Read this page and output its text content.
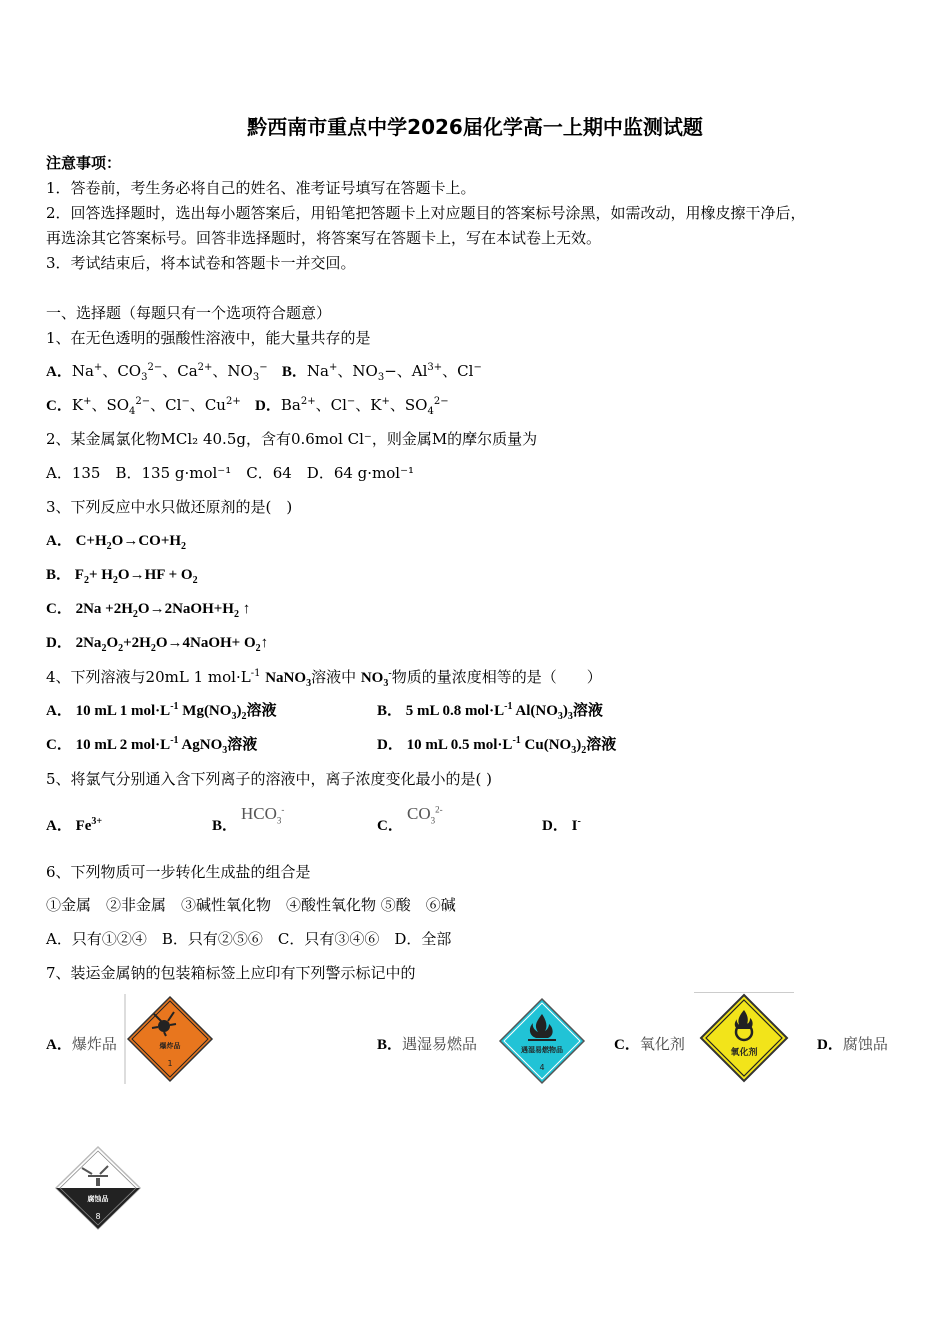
黔西南市重点中学2026届化学高一上期中监测试题
注意事项：
1．答卷前，考生务必将自己的姓名、准考证号填写在答题卡上。
2．回答选择题时，选出每小题答案后，用铅笔把答题卡上对应题目的答案标号涂黑，如需改动，用橡皮擦干净后，
再选涂其它答案标号。回答非选择题时，将答案写在答题卡上，写在本试卷上无效。
3．考试结束后，将本试卷和答题卡一并交回。
一、选择题（每题只有一个选项符合题意）
1、在无色透明的强酸性溶液中，能大量共存的是
A．Na+、$CO_3^{2-}$、$Ca^{2+}$、$NO_3^-$ B．Na+、$NO_3-$、$Al^{3+}$、Cl−
C．K+、$SO_4^{2-}$、Cl−、$Cu^{2+}$ D．$Ba^{2+}$、Cl−、K+、$SO_4^{2-}$
2、某金属氯化物MCl₂ 40.5g，含有0.6mol Cl⁻，则金属M的摩尔质量为
A．135　B．135 g·mol⁻¹　C．64　D．64 g·mol⁻¹
3、下列反应中水只做还原剂的是(　)
A． $C+H_2O\to CO+H_2$
B． $F_2+ H_2O\to HF + O_2$
C． $2Na +2H_2O\to 2NaOH+H_2$ ↑
D． $2Na_2O_2+2H_2O\to 4NaOH+$ $O_2↑$
4、下列溶液与20mL 1 $mol\cdot L^{-1}$ NaNO$_3$溶液中 $NO_3^-$物质的量浓度相等的是（　　）
A． 10 mL 1 $mol\cdot L^{-1}$ $Mg(NO_3)_2$溶液	B． 5 mL 0.8 $mol\cdot L^{-1}$ $Al(NO_3)_3$溶液
C． 10 mL 2 $mol\cdot L^{-1}$ AgNO$_3$溶液	D． 10 mL 0.5 $mol\cdot L^{-1}$ $Cu(NO_3)_2$溶液
5、将氯气分别通入含下列离子的溶液中，离子浓度变化最小的是( )
A． $Fe^{3+}$	B．
$HCO_3^-$
C．
$CO_3^{2-}$
D． I-
6、下列物质可一步转化生成盐的组合是
①金属　②非金属　③碱性氧化物　④酸性氧化物 ⑤酸　⑥碱
A．只有①②④　B．只有②⑤⑥　C．只有③④⑥　D．全部
7、装运金属钠的包装箱标签上应印有下列警示标记中的
A．爆炸品	爆炸品
1
B．遇湿易燃品	遇湿易燃物品
4
C．氧化剂	氧化剂	D．腐蚀品
腐蚀品
8
